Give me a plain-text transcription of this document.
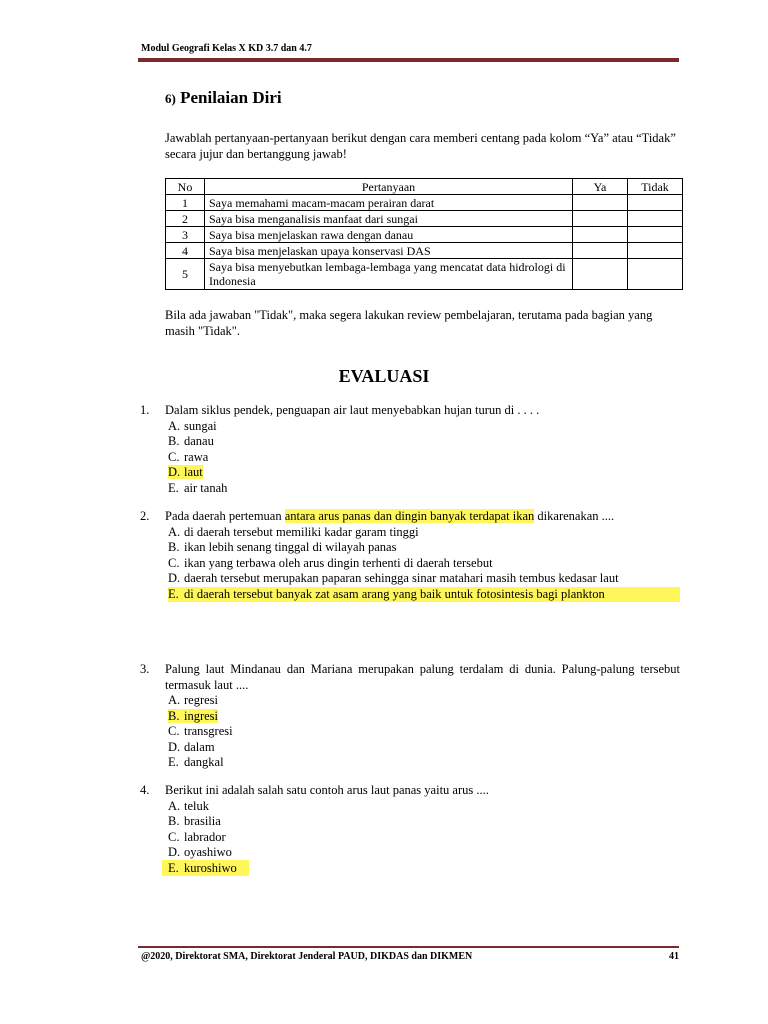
Modul Geografi Kelas X KD 3.7 dan 4.7
6) Penilaian Diri
Jawablah pertanyaan-pertanyaan berikut dengan cara memberi centang pada kolom “Ya” atau “Tidak” secara jujur dan bertanggung jawab!
No	Pertanyaan	Ya	Tidak
1	Saya memahami macam-macam perairan darat		
2	Saya bisa menganalisis manfaat dari sungai		
3	Saya bisa menjelaskan rawa dengan danau		
4	Saya bisa menjelaskan upaya konservasi DAS		
5	Saya bisa menyebutkan lembaga-lembaga yang mencatat data hidrologi di Indonesia		
Bila ada jawaban "Tidak", maka segera lakukan review pembelajaran, terutama pada bagian yang masih "Tidak".
EVALUASI
1. Dalam siklus pendek, penguapan air laut menyebabkan hujan turun di . . . .
A. sungai
B. danau
C. rawa
D. laut
E. air tanah
2. Pada daerah pertemuan antara arus panas dan dingin banyak terdapat ikan dikarenakan ....
A. di daerah tersebut memiliki kadar garam tinggi
B. ikan lebih senang tinggal di wilayah panas
C. ikan yang terbawa oleh arus dingin terhenti di daerah tersebut
D. daerah tersebut merupakan paparan sehingga sinar matahari masih tembus kedasar laut
E. di daerah tersebut banyak zat asam arang yang baik untuk fotosintesis bagi plankton
3. Palung laut Mindanau dan Mariana merupakan palung terdalam di dunia. Palung-palung tersebut termasuk laut ....
A. regresi
B. ingresi
C. transgresi
D. dalam
E. dangkal
4. Berikut ini adalah salah satu contoh arus laut panas yaitu arus ....
A. teluk
B. brasilia
C. labrador
D. oyashiwo
E. kuroshiwo
@2020, Direktorat SMA, Direktorat Jenderal PAUD, DIKDAS dan DIKMEN	41
